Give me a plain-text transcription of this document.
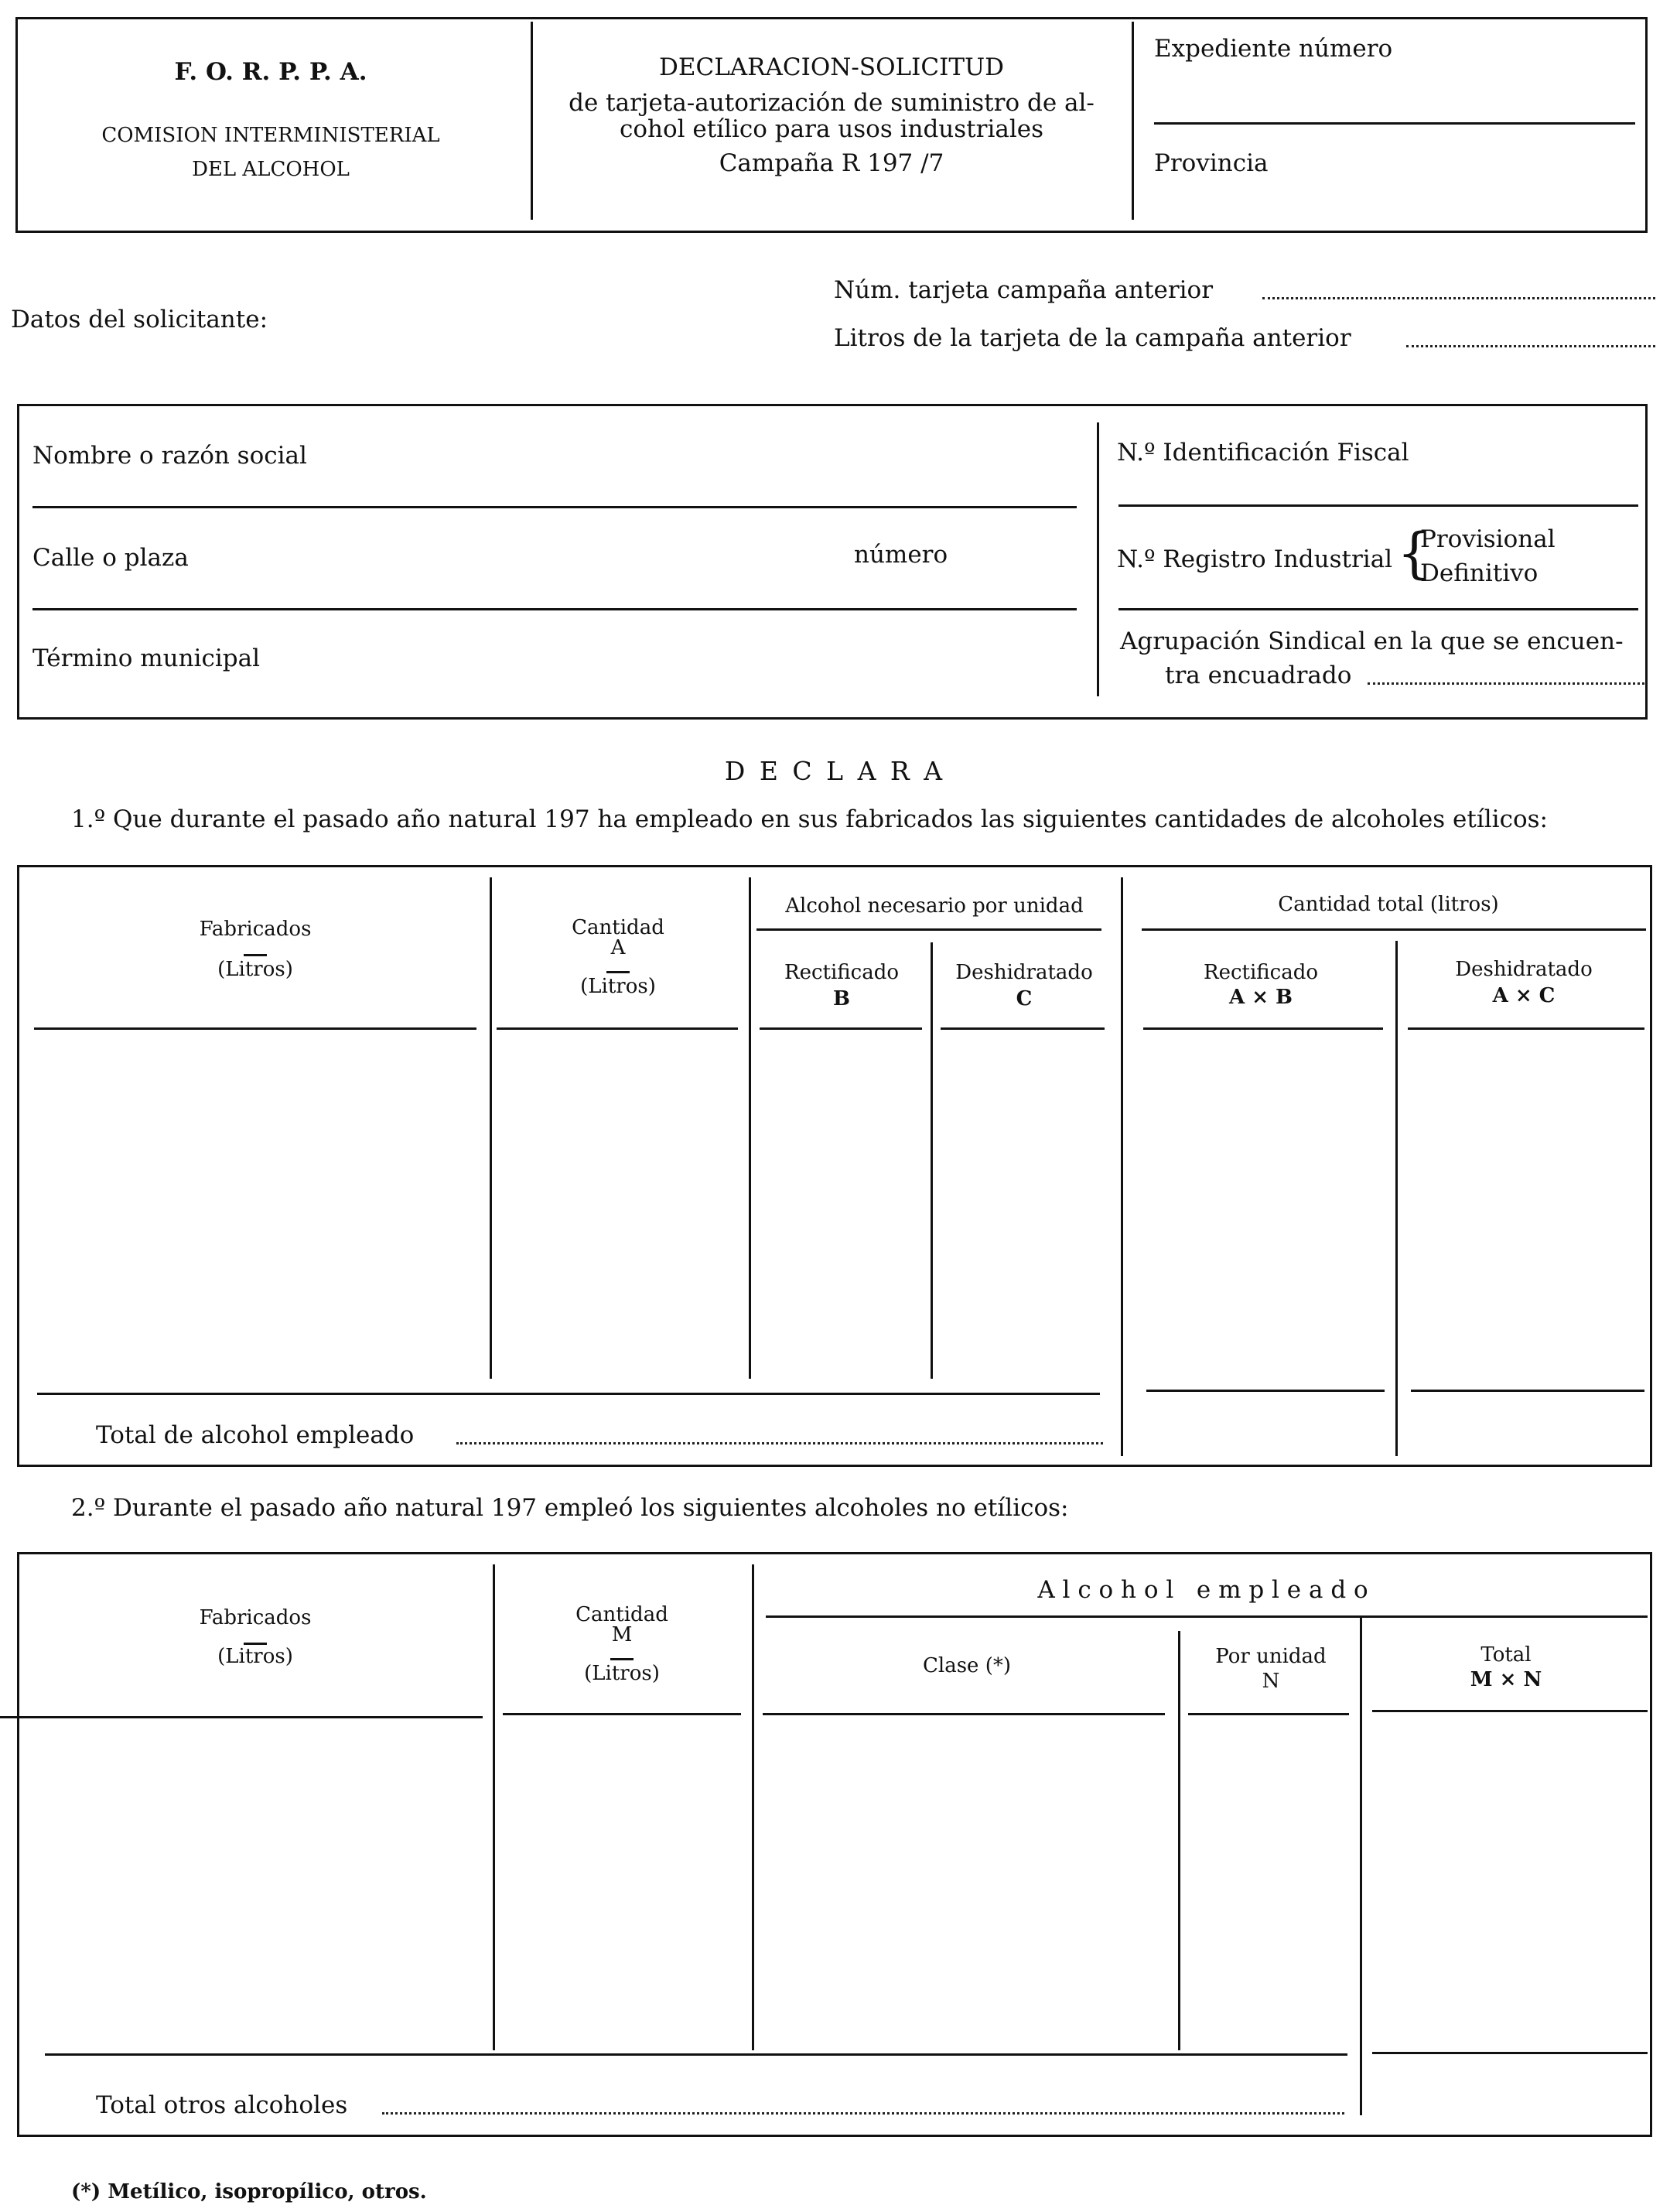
F. O. R. P. P. A.
COMISION INTERMINISTERIAL
DEL ALCOHOL
DECLARACION-SOLICITUD
de tarjeta-autorización de suministro de al-
cohol etílico para usos industriales
Campaña R 197 /7
Expediente número
Provincia
Datos del solicitante:
Núm. tarjeta campaña anterior
Litros de la tarjeta de la campaña anterior
Nombre o razón social
Calle o plaza	número
Término municipal
N.º Identificación Fiscal
N.º Registro Industrial {
Provisional
Definitivo
Agrupación Sindical en la que se encuen-
tra encuadrado
D E C L A R A
1.º Que durante el pasado año natural 197 ha empleado en sus fabricados las siguientes cantidades de alcoholes etílicos:
Fabricados
(Litros)
Cantidad
A
(Litros)
Alcohol necesario por unidad
Rectificado
B
Deshidratado
C
Cantidad total (litros)
Rectificado
A × B
Deshidratado
A × C
Total de alcohol empleado
2.º Durante el pasado año natural 197 empleó los siguientes alcoholes no etílicos:
Fabricados
(Litros)
Cantidad
M
(Litros)
A l c o h o l   e m p l e a d o
Clase (*)	Por unidad
N
Total
M × N
Total otros alcoholes
(*) Metílico, isopropílico, otros.
